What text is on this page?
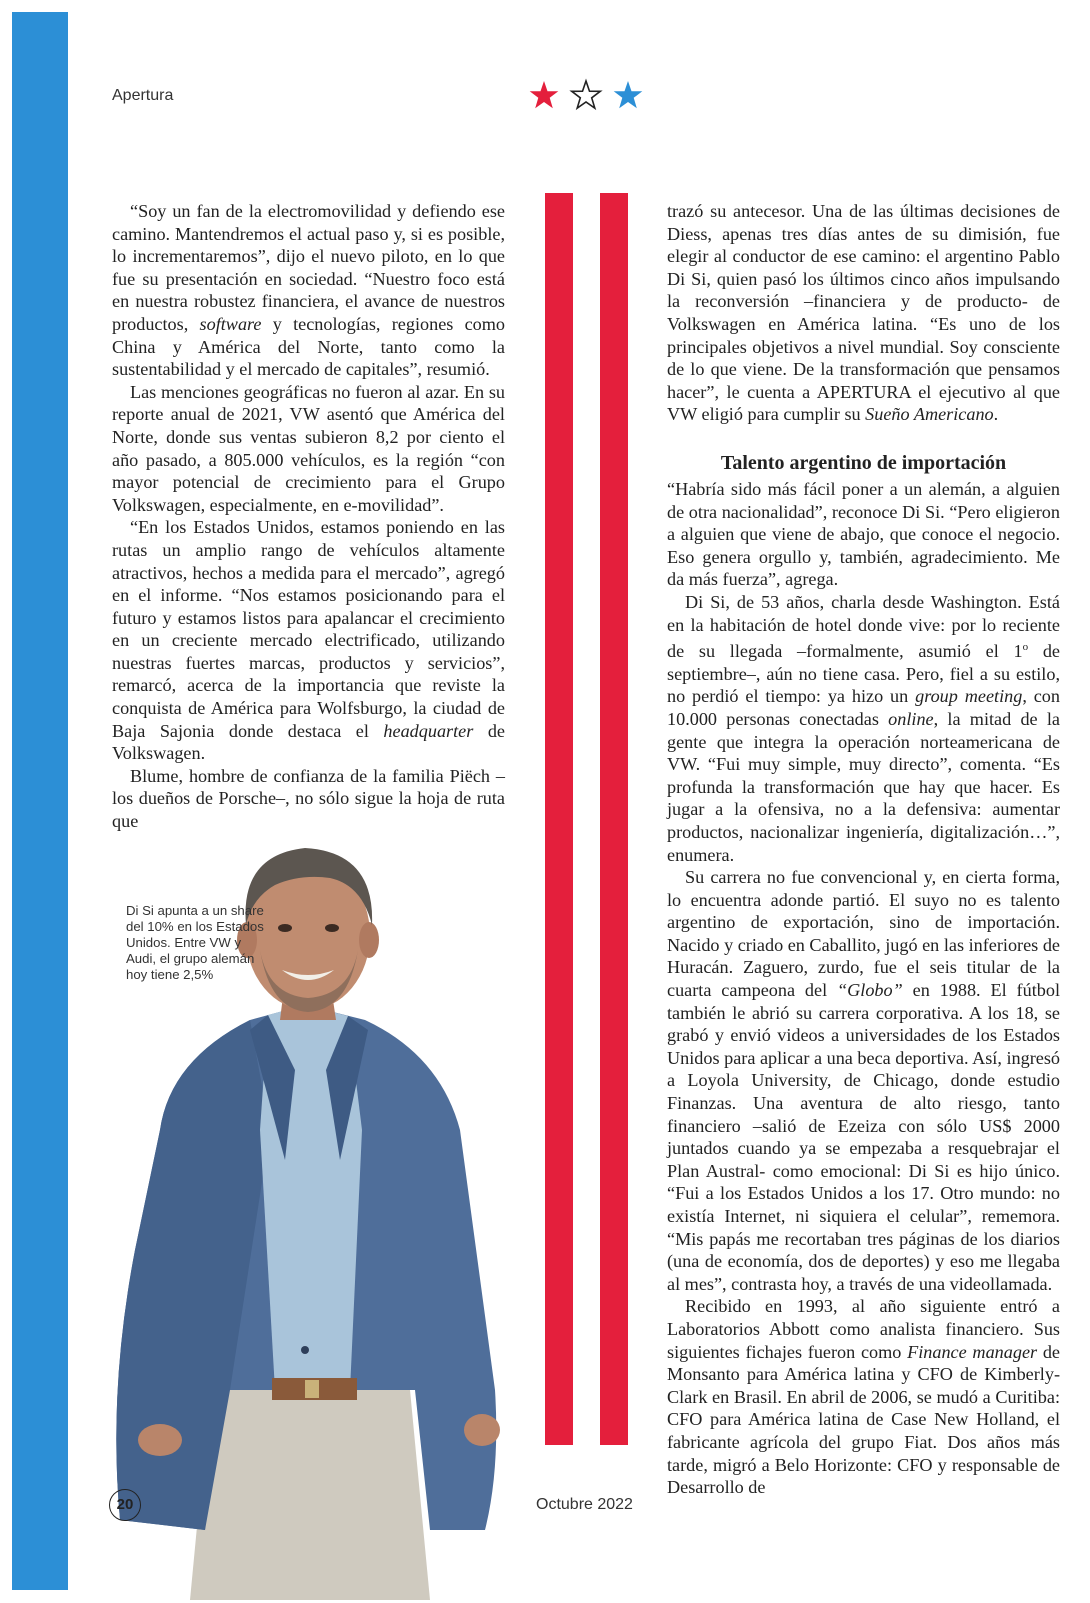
Apertura

“Soy un fan de la electromovilidad y defiendo ese camino. Mantendremos el actual paso y, si es posible, lo incrementaremos”, dijo el nuevo piloto, en lo que fue su presentación en sociedad. “Nuestro foco está en nuestra robustez financiera, el avance de nuestros productos, software y tecnologías, regiones como China y América del Norte, tanto como la sustentabilidad y el mercado de capitales”, resumió.

Las menciones geográficas no fueron al azar. En su reporte anual de 2021, VW asentó que América del Norte, donde sus ventas subieron 8,2 por ciento el año pasado, a 805.000 vehículos, es la región “con mayor potencial de crecimiento para el Grupo Volkswagen, especialmente, en e-movilidad”.

“En los Estados Unidos, estamos poniendo en las rutas un amplio rango de vehículos altamente atractivos, hechos a medida para el mercado”, agregó en el informe. “Nos estamos posicionando para el futuro y estamos listos para apalancar el crecimiento en un creciente mercado electrificado, utilizando nuestras fuertes marcas, productos y servicios”, remarcó, acerca de la importancia que reviste la conquista de América para Wolfsburgo, la ciudad de Baja Sajonia donde destaca el headquarter de Volkswagen.

Blume, hombre de confianza de la familia Piëch –los dueños de Porsche–, no sólo sigue la hoja de ruta que

Di Si apunta a un share del 10% en los Estados Unidos. Entre VW y Audi, el grupo alemán hoy tiene 2,5%

trazó su antecesor. Una de las últimas decisiones de Diess, apenas tres días antes de su dimisión, fue elegir al conductor de ese camino: el argentino Pablo Di Si, quien pasó los últimos cinco años impulsando la reconversión –financiera y de producto- de Volkswagen en América latina. “Es uno de los principales objetivos a nivel mundial. Soy consciente de lo que viene. De la transformación que pensamos hacer”, le cuenta a APERTURA el ejecutivo al que VW eligió para cumplir su Sueño Americano.

Talento argentino de importación

“Habría sido más fácil poner a un alemán, a alguien de otra nacionalidad”, reconoce Di Si. “Pero eligieron a alguien que viene de abajo, que conoce el negocio. Eso genera orgullo y, también, agradecimiento. Me da más fuerza”, agrega.

Di Si, de 53 años, charla desde Washington. Está en la habitación de hotel donde vive: por lo reciente de su llegada –formalmente, asumió el 1$^o$ de septiembre–, aún no tiene casa. Pero, fiel a su estilo, no perdió el tiempo: ya hizo un group meeting, con 10.000 personas conectadas online, la mitad de la gente que integra la operación norteamericana de VW. “Fui muy simple, muy directo”, comenta. “Es profunda la transformación que hay que hacer. Es jugar a la ofensiva, no a la defensiva: aumentar productos, nacionalizar ingeniería, digitalización…”, enumera.

Su carrera no fue convencional y, en cierta forma, lo encuentra adonde partió. El suyo no es talento argentino de exportación, sino de importación. Nacido y criado en Caballito, jugó en las inferiores de Huracán. Zaguero, zurdo, fue el seis titular de la cuarta campeona del “Globo” en 1988. El fútbol también le abrió su carrera corporativa. A los 18, se grabó y envió videos a universidades de los Estados Unidos para aplicar a una beca deportiva. Así, ingresó a Loyola University, de Chicago, donde estudio Finanzas. Una aventura de alto riesgo, tanto financiero –salió de Ezeiza con sólo US$ 2000 juntados cuando ya se empezaba a resquebrajar el Plan Austral- como emocional: Di Si es hijo único. “Fui a los Estados Unidos a los 17. Otro mundo: no existía Internet, ni siquiera el celular”, rememora. “Mis papás me recortaban tres páginas de los diarios (una de economía, dos de deportes) y eso me llegaba al mes”, contrasta hoy, a través de una videollamada.

Recibido en 1993, al año siguiente entró a Laboratorios Abbott como analista financiero. Sus siguientes fichajes fueron como Finance manager de Monsanto para América latina y CFO de Kimberly-Clark en Brasil. En abril de 2006, se mudó a Curitiba: CFO para América latina de Case New Holland, el fabricante agrícola del grupo Fiat. Dos años más tarde, migró a Belo Horizonte: CFO y responsable de Desarrollo de

20	Octubre 2022
